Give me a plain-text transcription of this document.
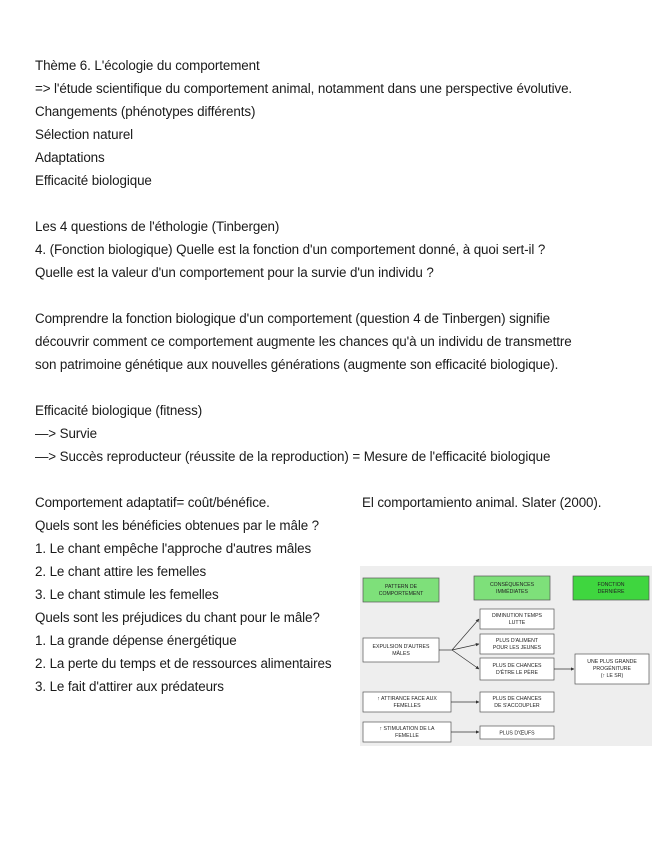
Thème 6. L'écologie du comportement
=> l'étude scientifique du comportement animal, notamment dans une perspective évolutive.
Changements (phénotypes différents)
Sélection naturel
Adaptations
Efficacité biologique
Les 4 questions de l'éthologie (Tinbergen)
4. (Fonction biologique) Quelle est la fonction d'un comportement donné, à quoi sert-il ?
Quelle est la valeur d'un comportement pour la survie d'un individu ?
Comprendre la fonction biologique d'un comportement (question 4 de Tinbergen) signifie
découvrir comment ce comportement augmente les chances qu'à un individu de transmettre
son patrimoine génétique aux nouvelles générations (augmente son efficacité biologique).
Efficacité biologique (fitness)
—> Survie
—> Succès reproducteur (réussite de la reproduction) = Mesure de l'efficacité biologique
Comportement adaptatif= coût/bénéfice.	El comportamiento animal. Slater (2000).
Quels sont les bénéficies obtenues par le mâle ?
1. Le chant empêche l'approche d'autres mâles
2. Le chant attire les femelles
3. Le chant stimule les femelles
Quels sont les préjudices du chant pour le mâle?
1. La grande dépense énergétique
2. La perte du temps et de ressources alimentaires
3. Le fait d'attirer aux prédateurs
PATTERN DE
COMPORTEMENT
CONSÉQUENCES
IMMÉDIATES
FONCTION
DERNIÈRE
EXPULSION D'AUTRES
MÂLES
↑ ATTIRANCE FACE AUX
FEMELLES
↑ STIMULATION DE LA
FEMELLE
DIMINUTION TEMPS
LUTTE
PLUS D'ALIMENT
POUR LES JEUNES
PLUS DE CHANCES
D'ÊTRE LE PÈRE
PLUS DE CHANCES
DE S'ACCOUPLER
PLUS D'ŒUFS
UNE PLUS GRANDE
PROGÉNITURE
(↑ LE SR)
